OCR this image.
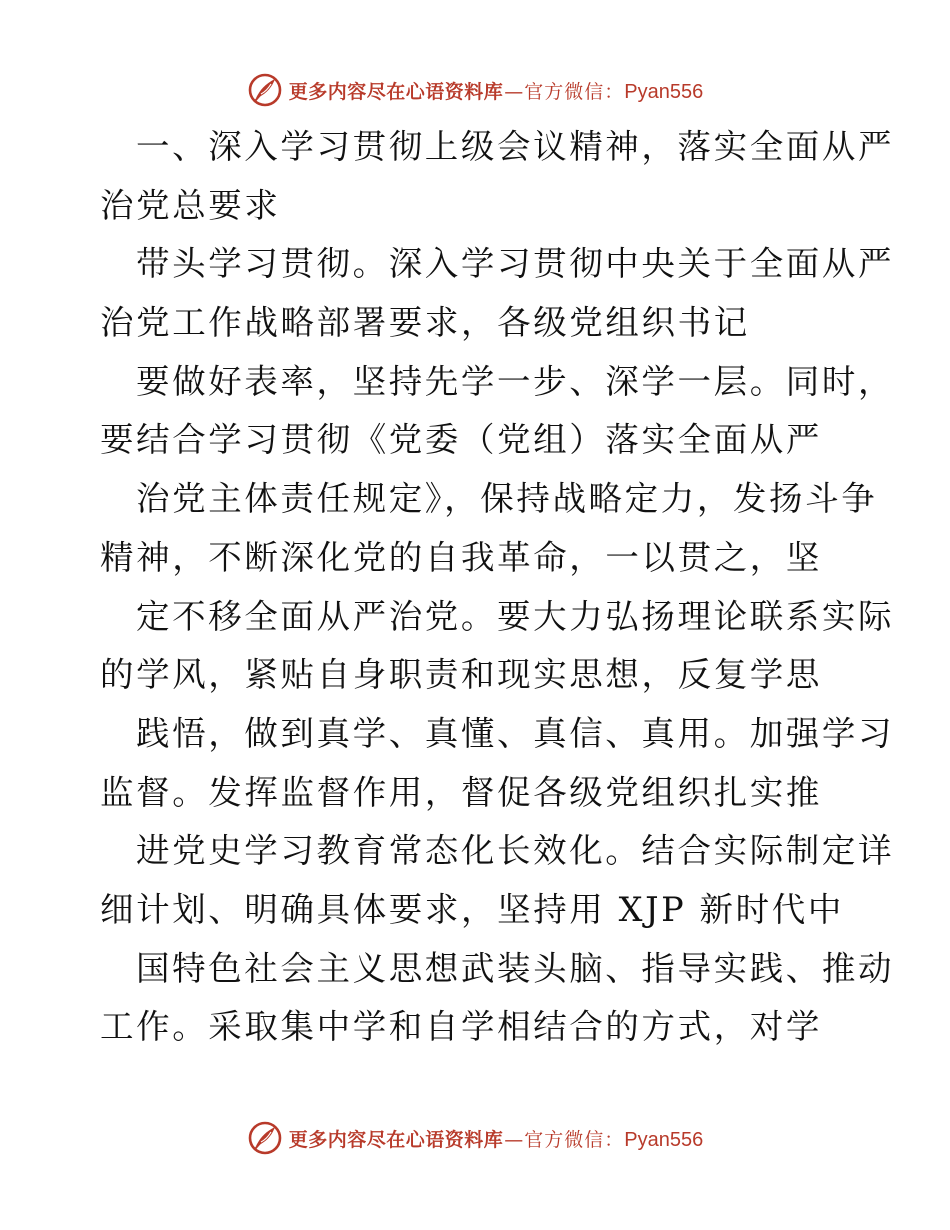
更多内容尽在心语资料库 — 官方微信： Pyan556
一、深入学习贯彻上级会议精神，落实全面从严
治党总要求
带头学习贯彻。深入学习贯彻中央关于全面从严
治党工作战略部署要求，各级党组织书记
要做好表率，坚持先学一步、深学一层。同时，
要结合学习贯彻《党委（党组）落实全面从严
治党主体责任规定》，保持战略定力，发扬斗争
精神，不断深化党的自我革命，一以贯之，坚
定不移全面从严治党。要大力弘扬理论联系实际
的学风，紧贴自身职责和现实思想，反复学思
践悟，做到真学、真懂、真信、真用。加强学习
监督。发挥监督作用，督促各级党组织扎实推
进党史学习教育常态化长效化。结合实际制定详
细计划、明确具体要求，坚持用 XJP 新时代中
国特色社会主义思想武装头脑、指导实践、推动
工作。采取集中学和自学相结合的方式，对学
更多内容尽在心语资料库 — 官方微信： Pyan556
